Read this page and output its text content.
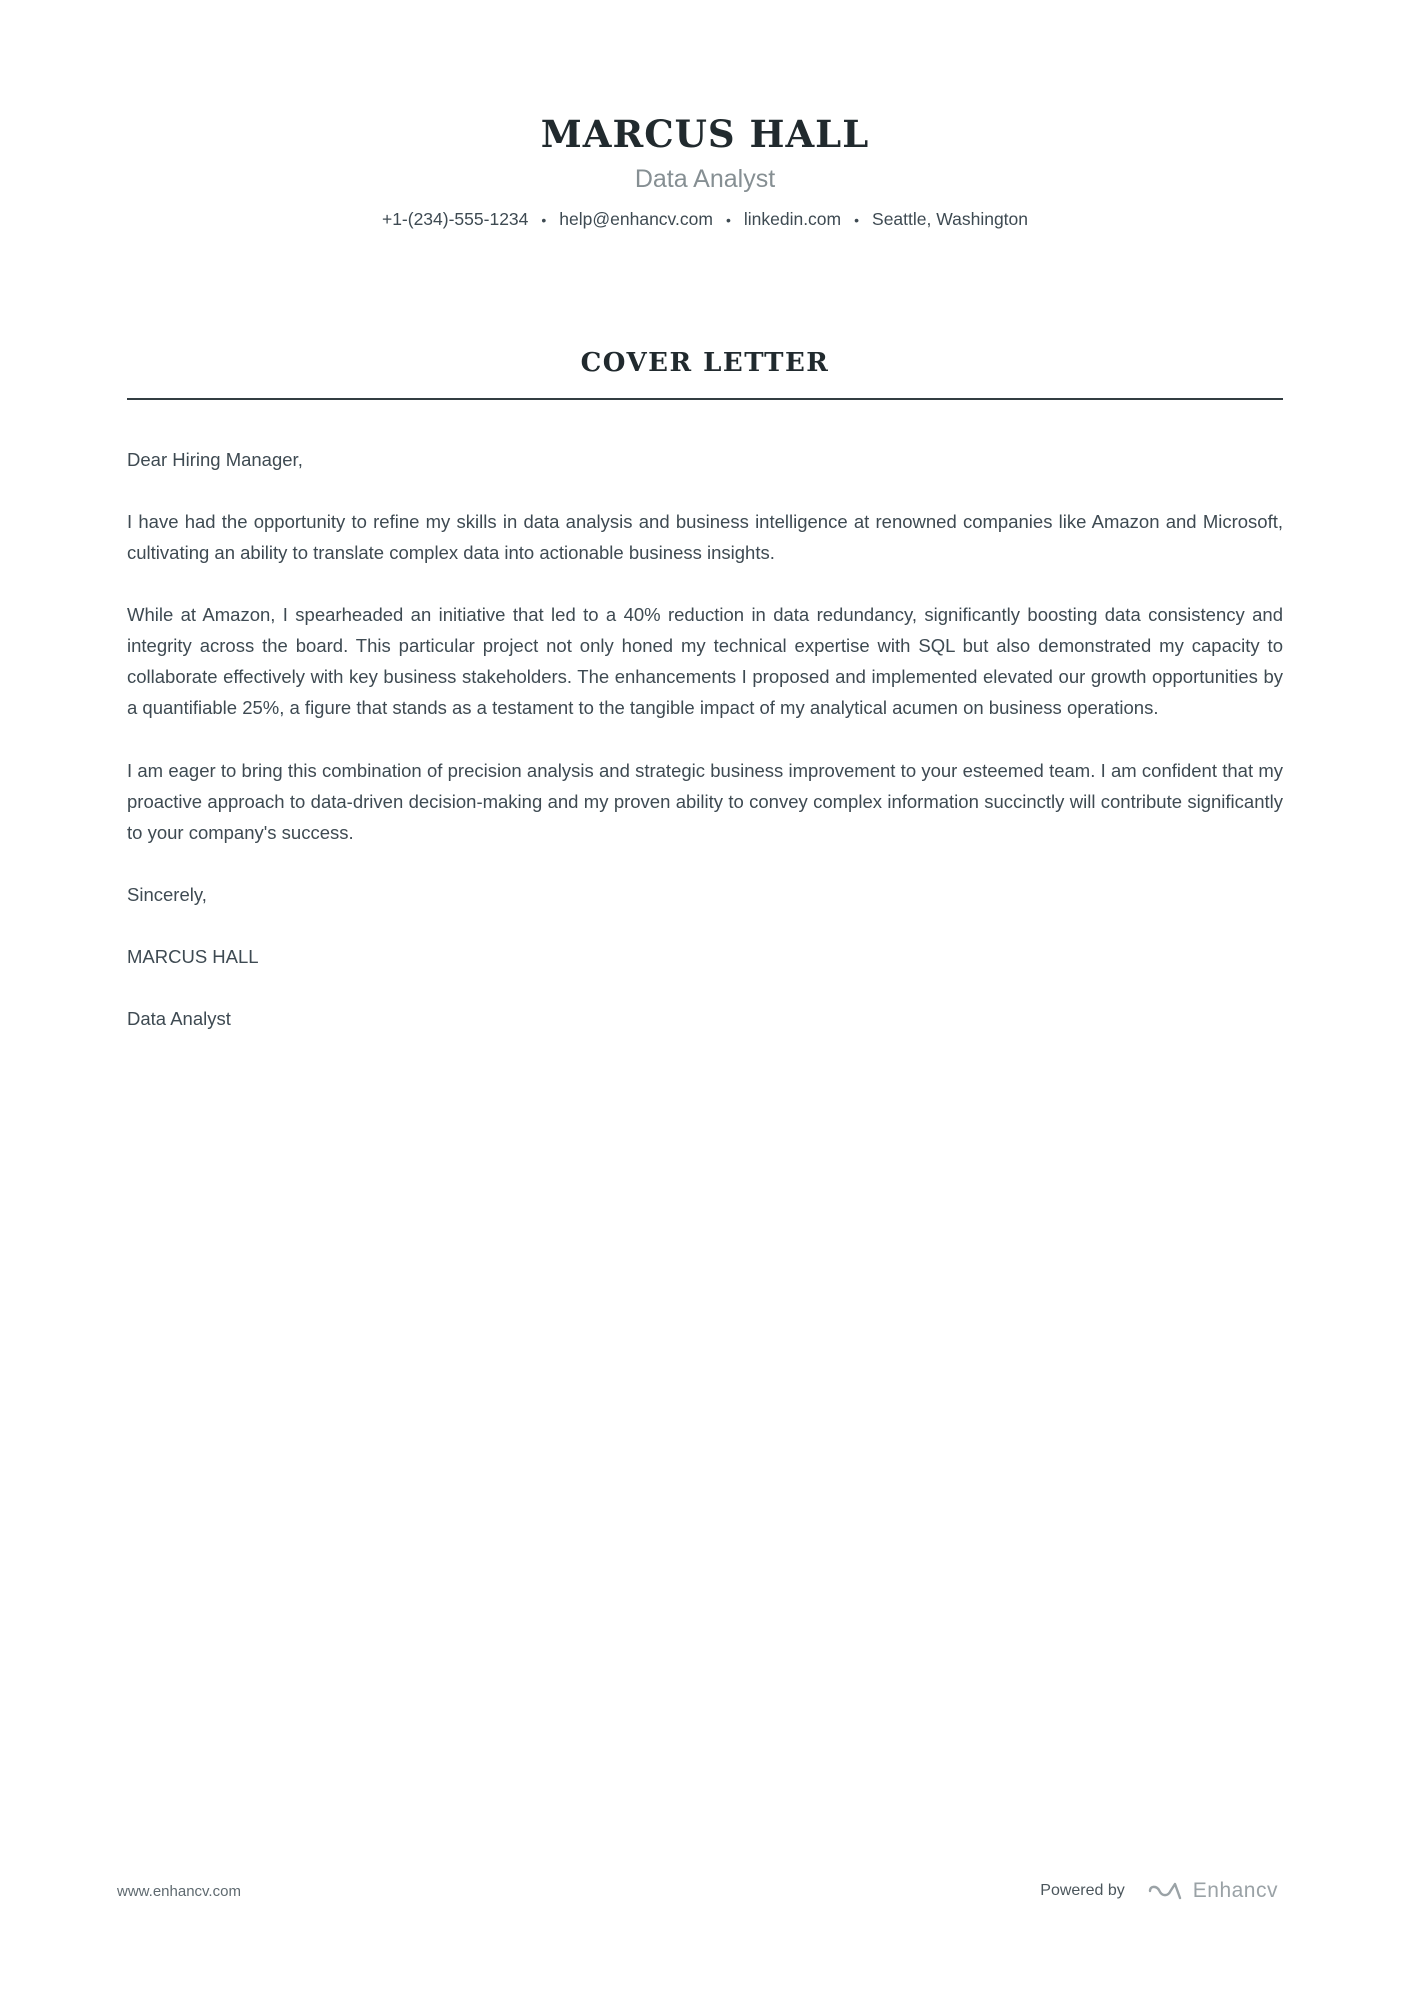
MARCUS HALL
Data Analyst
+1-(234)-555-1234 • help@enhancv.com • linkedin.com • Seattle, Washington
COVER LETTER

Dear Hiring Manager,

I have had the opportunity to refine my skills in data analysis and business intelligence at renowned companies like Amazon and Microsoft, cultivating an ability to translate complex data into actionable business insights.

While at Amazon, I spearheaded an initiative that led to a 40% reduction in data redundancy, significantly boosting data consistency and integrity across the board. This particular project not only honed my technical expertise with SQL but also demonstrated my capacity to collaborate effectively with key business stakeholders. The enhancements I proposed and implemented elevated our growth opportunities by a quantifiable 25%, a figure that stands as a testament to the tangible impact of my analytical acumen on business operations.

I am eager to bring this combination of precision analysis and strategic business improvement to your esteemed team. I am confident that my proactive approach to data-driven decision-making and my proven ability to convey complex information succinctly will contribute significantly to your company's success.

Sincerely,

MARCUS HALL

Data Analyst

www.enhancv.com	Powered by	Enhancv
